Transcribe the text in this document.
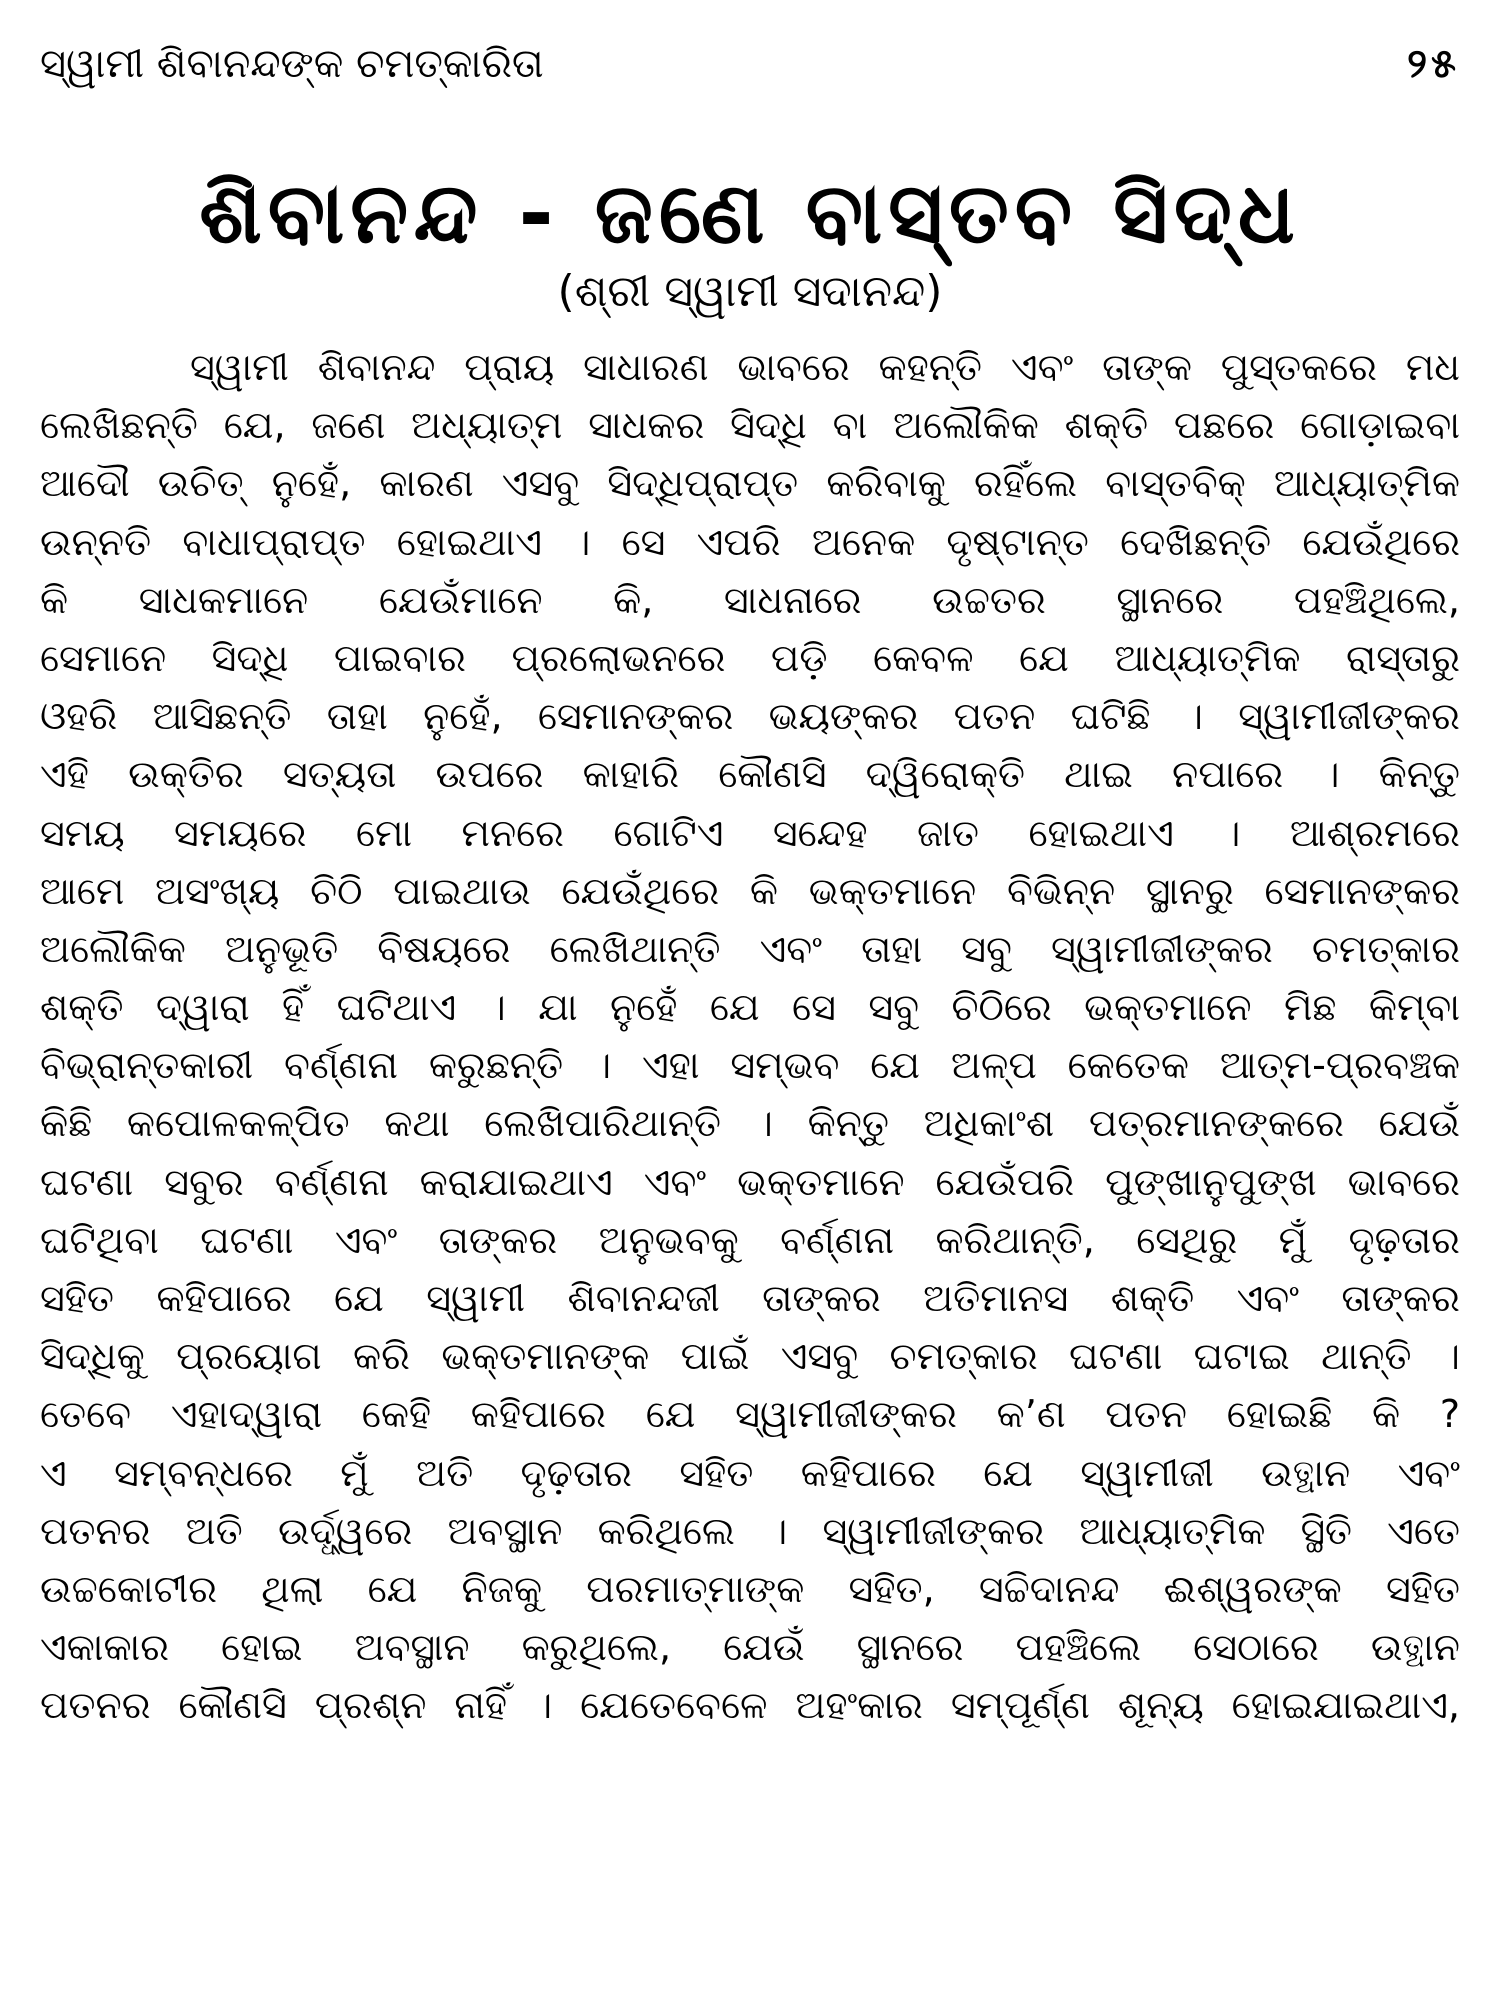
ସ୍ୱାମୀ ଶିବାନନ୍ଦଙ୍କ ଚମତ୍କାରିତା	୨୫
ଶିବାନନ୍ଦ - ଜଣେ ବାସ୍ତବ ସିଦ୍ଧ
(ଶ୍ରୀ ସ୍ୱାମୀ ସଦାନନ୍ଦ)
ସ୍ୱାମୀ ଶିବାନନ୍ଦ ପ୍ରାୟ ସାଧାରଣ ଭାବରେ କହନ୍ତି ଏବଂ ତାଙ୍କ ପୁସ୍ତକରେ ମଧ
ଲେଖିଛନ୍ତି ଯେ, ଜଣେ ଅଧ୍ୟାତ୍ମ ସାଧକର ସିଦ୍ଧି ବା ଅଲୌକିକ ଶକ୍ତି ପଛରେ ଗୋଡ଼ାଇବା
ଆଦୌ ଉଚିତ୍ ନୁହେଁ, କାରଣ ଏସବୁ ସିଦ୍ଧିପ୍ରାପ୍ତ କରିବାକୁ ରହିଁଲେ ବାସ୍ତବିକ୍ ଆଧ୍ୟାତ୍ମିକ
ଉନ୍ନତି ବାଧାପ୍ରାପ୍ତ ହୋଇଥାଏ । ସେ ଏପରି ଅନେକ ଦୃଷ୍ଟାନ୍ତ ଦେଖିଛନ୍ତି ଯେଉଁଥିରେ
କି ସାଧକମାନେ ଯେଉଁମାନେ କି, ସାଧନାରେ ଉଚ୍ଚତର ସ୍ଥାନରେ ପହଞ୍ଚିଥିଲେ,
ସେମାନେ ସିଦ୍ଧି ପାଇବାର ପ୍ରଲୋଭନରେ ପଡ଼ି କେବଳ ଯେ ଆଧ୍ୟାତ୍ମିକ ରାସ୍ତାରୁ
ଓହରି ଆସିଛନ୍ତି ତାହା ନୁହେଁ, ସେମାନଙ୍କର ଭୟଙ୍କର ପତନ ଘଟିଛି । ସ୍ୱାମୀଜୀଙ୍କର
ଏହି ଉକ୍ତିର ସତ୍ୟତା ଉପରେ କାହାରି କୌଣସି ଦ୍ୱିରୋକ୍ତି ଥାଇ ନପାରେ । କିନ୍ତୁ
ସମୟ ସମୟରେ ମୋ ମନରେ ଗୋଟିଏ ସନ୍ଦେହ ଜାତ ହୋଇଥାଏ । ଆଶ୍ରମରେ
ଆମେ ଅସଂଖ୍ୟ ଚିଠି ପାଇଥାଉ ଯେଉଁଥିରେ କି ଭକ୍ତମାନେ ବିଭିନ୍ନ ସ୍ଥାନରୁ ସେମାନଙ୍କର
ଅଲୌକିକ ଅନୁଭୂତି ବିଷୟରେ ଲେଖିଥାନ୍ତି ଏବଂ ତାହା ସବୁ ସ୍ୱାମୀଜୀଙ୍କର ଚମତ୍କାର
ଶକ୍ତି ଦ୍ୱାରା ହିଁ ଘଟିଥାଏ । ଯା ନୁହେଁ ଯେ ସେ ସବୁ ଚିଠିରେ ଭକ୍ତମାନେ ମିଛ କିମ୍ବା
ବିଭ୍ରାନ୍ତକାରୀ ବର୍ଣ୍ଣନା କରୁଛନ୍ତି । ଏହା ସମ୍ଭବ ଯେ ଅଳ୍ପ କେତେକ ଆତ୍ମ-ପ୍ରବଞ୍ଚକ
କିଛି କପୋଳକଳ୍ପିତ କଥା ଲେଖିପାରିଥାନ୍ତି । କିନ୍ତୁ ଅଧିକାଂଶ ପତ୍ରମାନଙ୍କରେ ଯେଉଁ
ଘଟଣା ସବୁର ବର୍ଣ୍ଣନା କରାଯାଇଥାଏ ଏବଂ ଭକ୍ତମାନେ ଯେଉଁପରି ପୁଙ୍ଖାନୁପୁଙ୍ଖ ଭାବରେ
ଘଟିଥିବା ଘଟଣା ଏବଂ ତାଙ୍କର ଅନୁଭବକୁ ବର୍ଣ୍ଣନା କରିଥାନ୍ତି, ସେଥିରୁ ମୁଁ ଦୃଢ଼ତାର
ସହିତ କହିପାରେ ଯେ ସ୍ୱାମୀ ଶିବାନନ୍ଦଜୀ ତାଙ୍କର ଅତିମାନସ ଶକ୍ତି ଏବଂ ତାଙ୍କର
ସିଦ୍ଧିକୁ ପ୍ରୟୋଗ କରି ଭକ୍ତମାନଙ୍କ ପାଇଁ ଏସବୁ ଚମତ୍କାର ଘଟଣା ଘଟାଇ ଥାନ୍ତି ।
ତେବେ ଏହାଦ୍ୱାରା କେହି କହିପାରେ ଯେ ସ୍ୱାମୀଜୀଙ୍କର କ’ଣ ପତନ ହୋଇଛି କି ?
ଏ ସମ୍ବନ୍ଧରେ ମୁଁ ଅତି ଦୃଢ଼ତାର ସହିତ କହିପାରେ ଯେ ସ୍ୱାମୀଜୀ ଉତ୍ଥାନ ଏବଂ
ପତନର ଅତି ଉର୍ଦ୍ଧ୍ୱରେ ଅବସ୍ଥାନ କରିଥିଲେ । ସ୍ୱାମୀଜୀଙ୍କର ଆଧ୍ୟାତ୍ମିକ ସ୍ଥିତି ଏତେ
ଉଚ୍ଚକୋଟୀର ଥିଲା ଯେ ନିଜକୁ ପରମାତ୍ମାଙ୍କ ସହିତ, ସଚ୍ଚିଦାନନ୍ଦ ଈଶ୍ୱରଙ୍କ ସହିତ
ଏକାକାର ହୋଇ ଅବସ୍ଥାନ କରୁଥିଲେ, ଯେଉଁ ସ୍ଥାନରେ ପହଞ୍ଚିଲେ ସେଠାରେ ଉତ୍ଥାନ
ପତନର କୌଣସି ପ୍ରଶ୍ନ ନାହିଁ । ଯେତେବେଳେ ଅହଂକାର ସମ୍ପୂର୍ଣ୍ଣ ଶୂନ୍ୟ ହୋଇଯାଇଥାଏ,
